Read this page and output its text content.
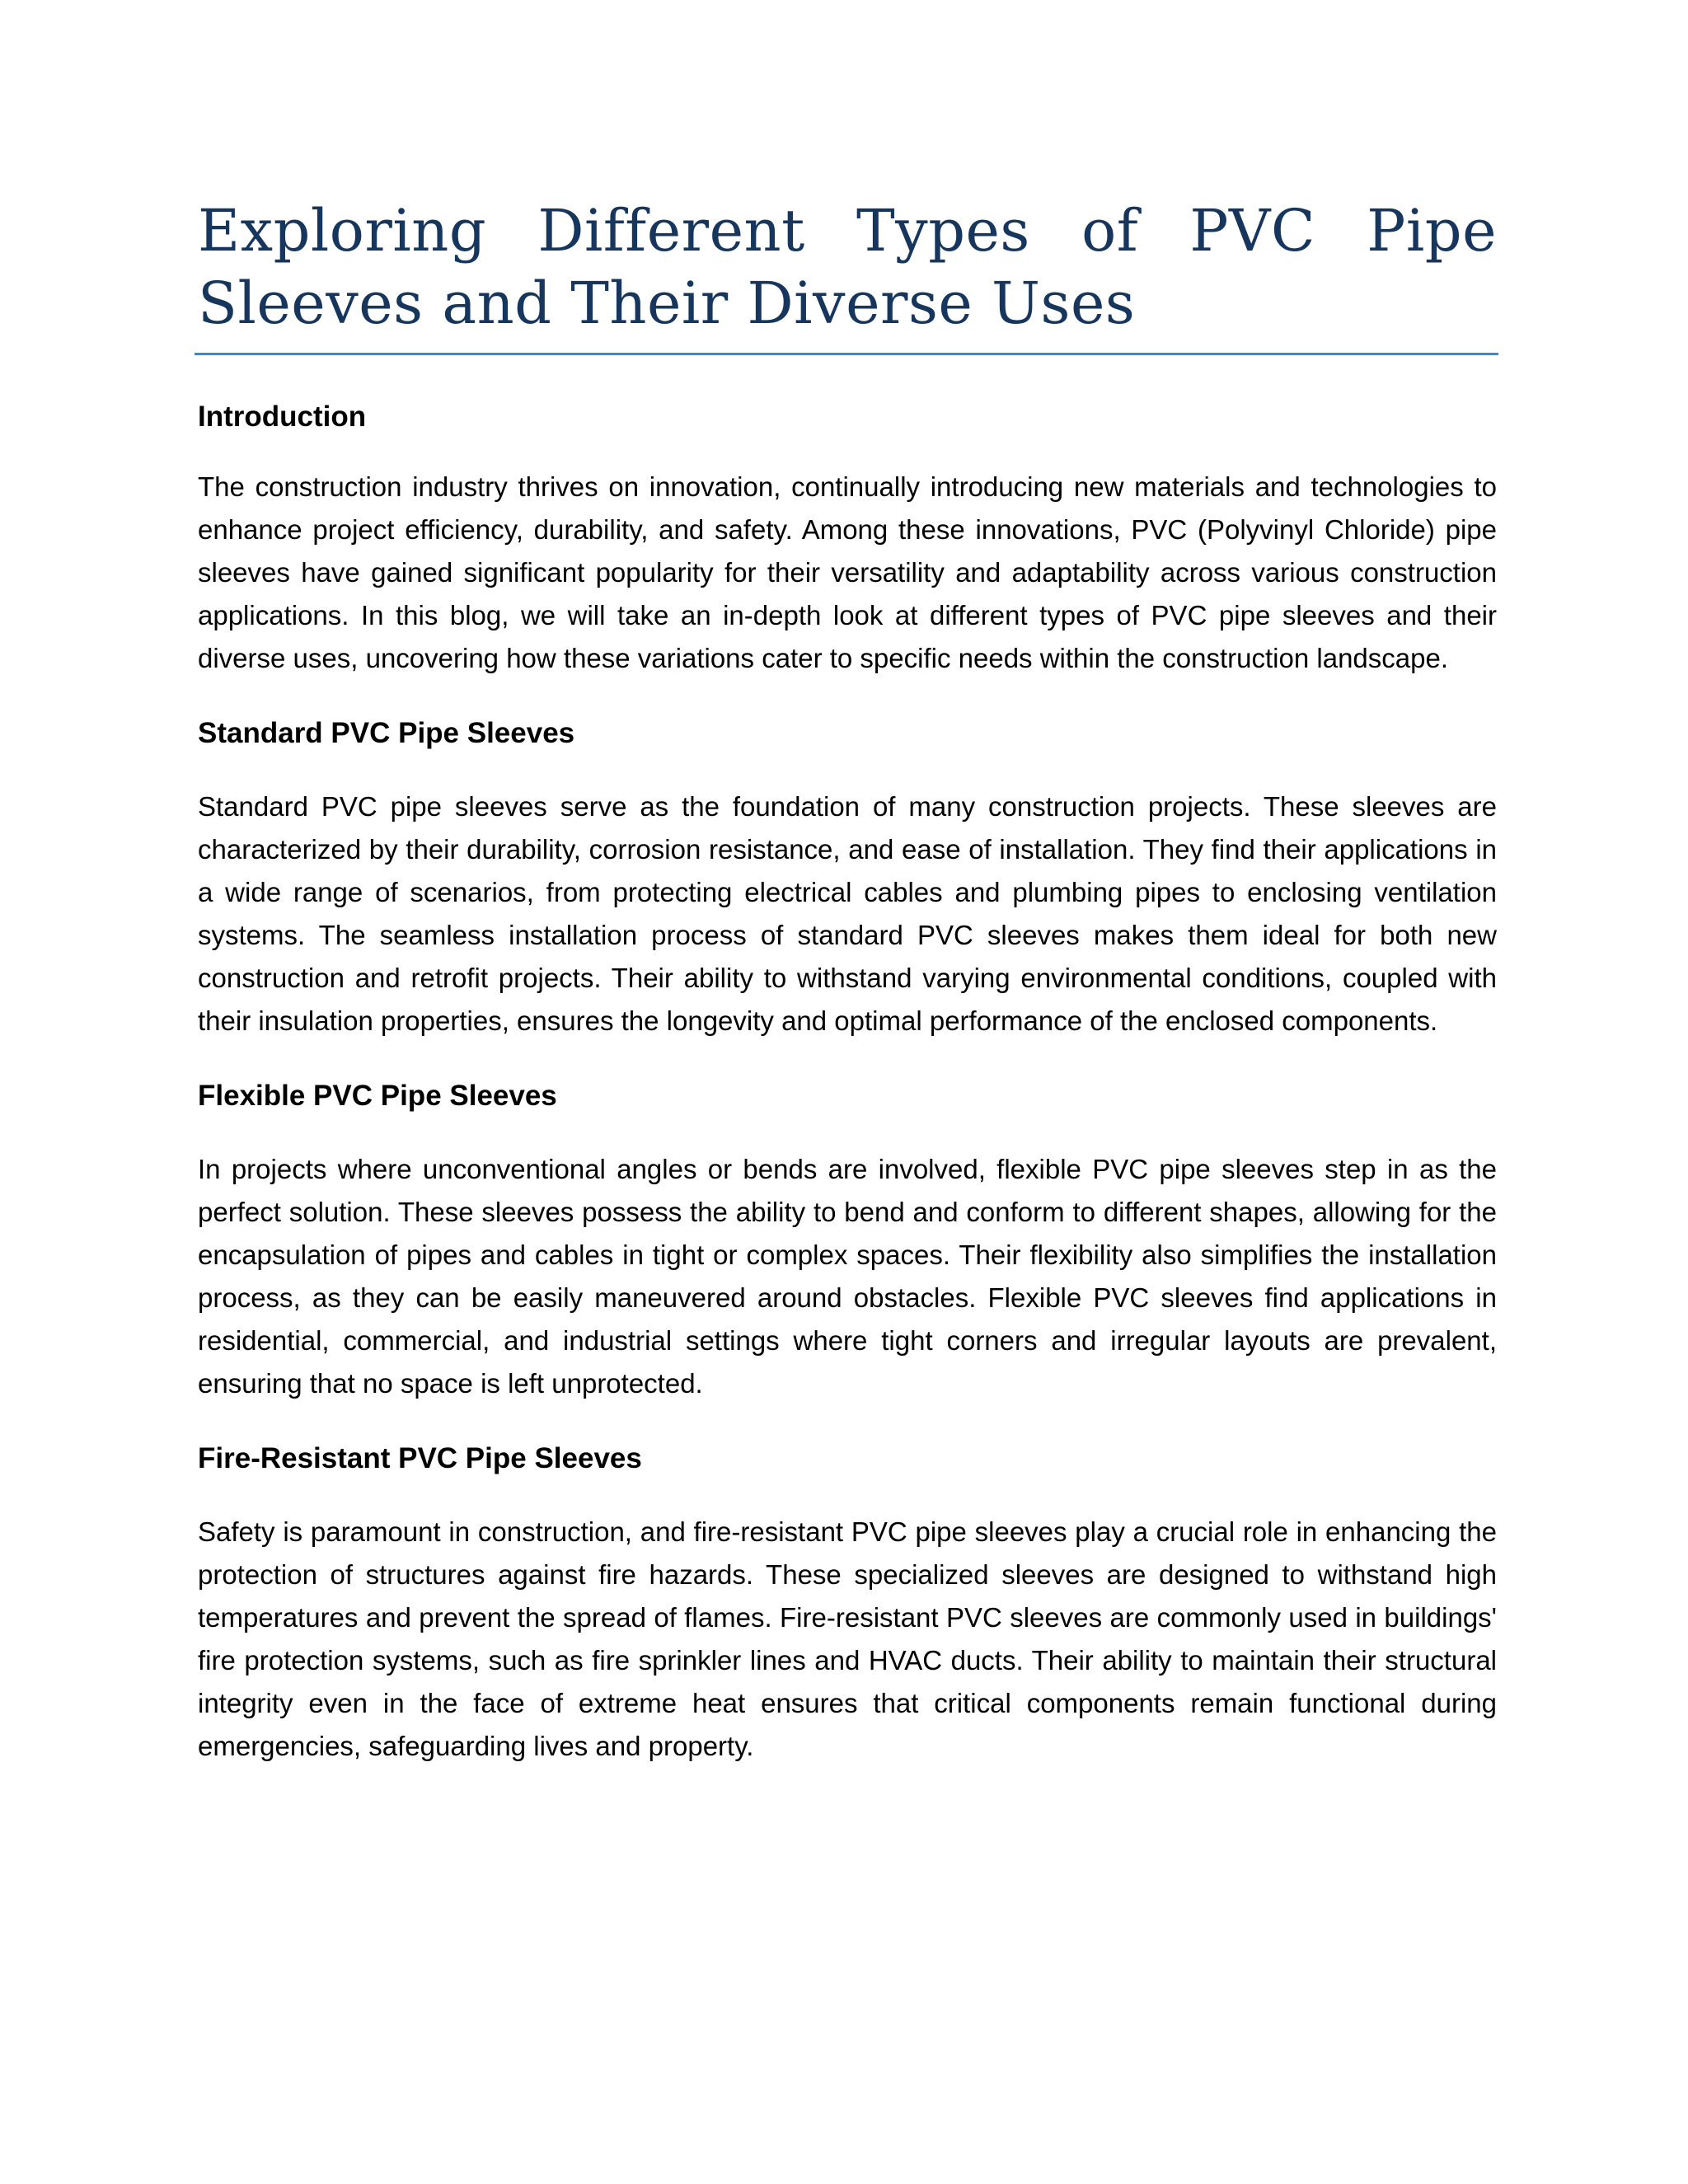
Exploring Different Types of PVC Pipe Sleeves and Their Diverse Uses
Introduction

The construction industry thrives on innovation, continually introducing new materials and technologies to enhance project efficiency, durability, and safety. Among these innovations, PVC (Polyvinyl Chloride) pipe sleeves have gained significant popularity for their versatility and adaptability across various construction applications. In this blog, we will take an in-depth look at different types of PVC pipe sleeves and their diverse uses, uncovering how these variations cater to specific needs within the construction landscape.

Standard PVC Pipe Sleeves

Standard PVC pipe sleeves serve as the foundation of many construction projects. These sleeves are characterized by their durability, corrosion resistance, and ease of installation. They find their applications in a wide range of scenarios, from protecting electrical cables and plumbing pipes to enclosing ventilation systems. The seamless installation process of standard PVC sleeves makes them ideal for both new construction and retrofit projects. Their ability to withstand varying environmental conditions, coupled with their insulation properties, ensures the longevity and optimal performance of the enclosed components.

Flexible PVC Pipe Sleeves

In projects where unconventional angles or bends are involved, flexible PVC pipe sleeves step in as the perfect solution. These sleeves possess the ability to bend and conform to different shapes, allowing for the encapsulation of pipes and cables in tight or complex spaces. Their flexibility also simplifies the installation process, as they can be easily maneuvered around obstacles. Flexible PVC sleeves find applications in residential, commercial, and industrial settings where tight corners and irregular layouts are prevalent, ensuring that no space is left unprotected.

Fire-Resistant PVC Pipe Sleeves

Safety is paramount in construction, and fire-resistant PVC pipe sleeves play a crucial role in enhancing the protection of structures against fire hazards. These specialized sleeves are designed to withstand high temperatures and prevent the spread of flames. Fire-resistant PVC sleeves are commonly used in buildings' fire protection systems, such as fire sprinkler lines and HVAC ducts. Their ability to maintain their structural integrity even in the face of extreme heat ensures that critical components remain functional during emergencies, safeguarding lives and property.
